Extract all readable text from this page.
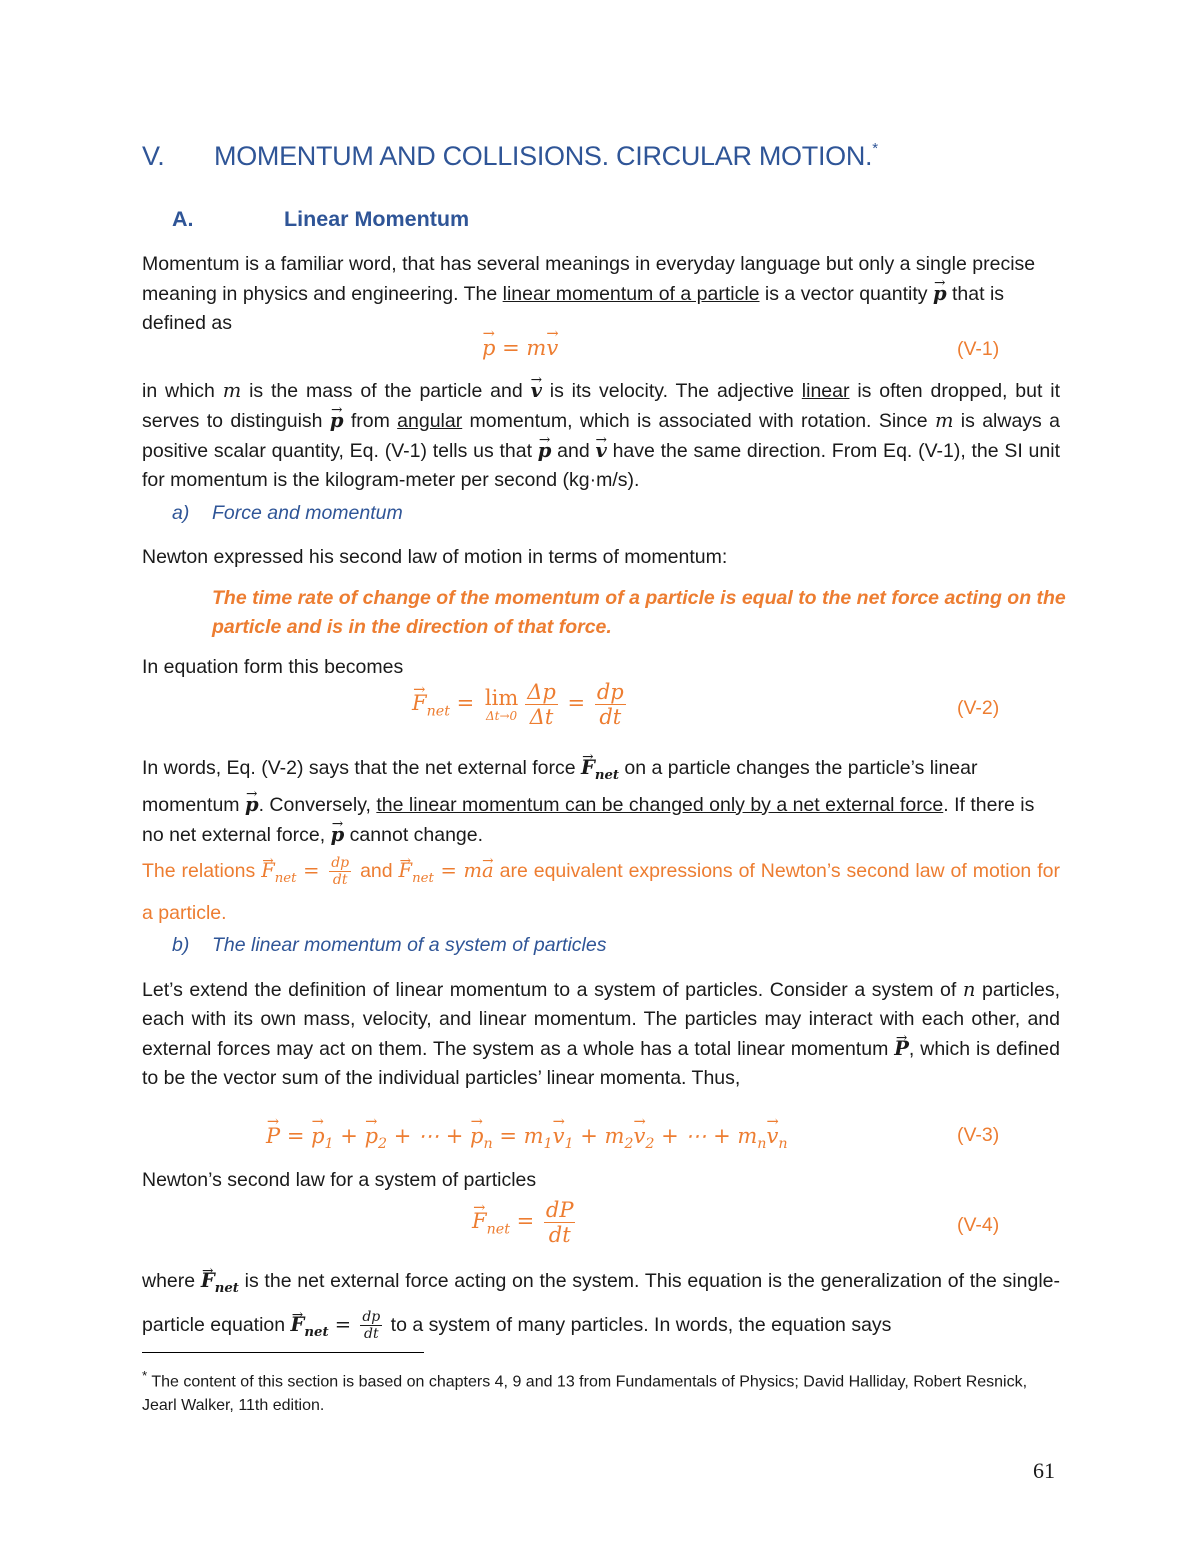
V. MOMENTUM AND COLLISIONS. CIRCULAR MOTION.*
A.	Linear Momentum
Momentum is a familiar word, that has several meanings in everyday language but only a single precise meaning in physics and engineering. The linear momentum of a particle is a vector quantity → p that is defined as
→ p = m→ v	(V-1)
in which m is the mass of the particle and → v is its velocity. The adjective linear is often dropped, but it serves to distinguish → p from angular momentum, which is associated with rotation. Since m is always a positive scalar quantity, Eq. (V-1) tells us that → p and → v have the same direction. From Eq. (V-1), the SI unit for momentum is the kilogram-meter per second (kg·m/s).
a) Force and momentum
Newton expressed his second law of motion in terms of momentum:
The time rate of change of the momentum of a particle is equal to the net force acting on the particle and is in the direction of that force.
In equation form this becomes
→ $F_{net} = \lim$
$\Delta t\to 0 \frac{\Delta p}{\Delta t} = \frac{dp}{dt}$	(V-2)
In words, Eq. (V-2) says that the net external force → $F_{net}$ on a particle changes the particle’s linear momentum → p. Conversely, the linear momentum can be changed only by a net external force. If there is no net external force, → p cannot change.
The relations → $F_{net} = \frac{dp}{dt}$ and → $F_{net} = m\to a$ are equivalent expressions of Newton’s second law of motion for a particle.
b) The linear momentum of a system of particles
Let’s extend the definition of linear momentum to a system of particles. Consider a system of n particles, each with its own mass, velocity, and linear momentum. The particles may interact with each other, and external forces may act on them. The system as a whole has a total linear momentum → P, which is defined to be the vector sum of the individual particles’ linear momenta. Thus,
→ P = → $p_1$ + → $p_2$ + ⋯ + → $p_n = m_1\to v_1 + m_2\to v_2$ + ⋯ + $m_n\to v_n$	(V-3)
Newton’s second law for a system of particles
→ $F_{net} = \frac{dP}{dt}$	(V-4)
where → $F_{net}$ is the net external force acting on the system. This equation is the generalization of the single-particle equation → $F_{net} = \frac{dp}{dt}$ to a system of many particles. In words, the equation says
* The content of this section is based on chapters 4, 9 and 13 from Fundamentals of Physics; David Halliday, Robert Resnick, Jearl Walker, 11th edition.
61
